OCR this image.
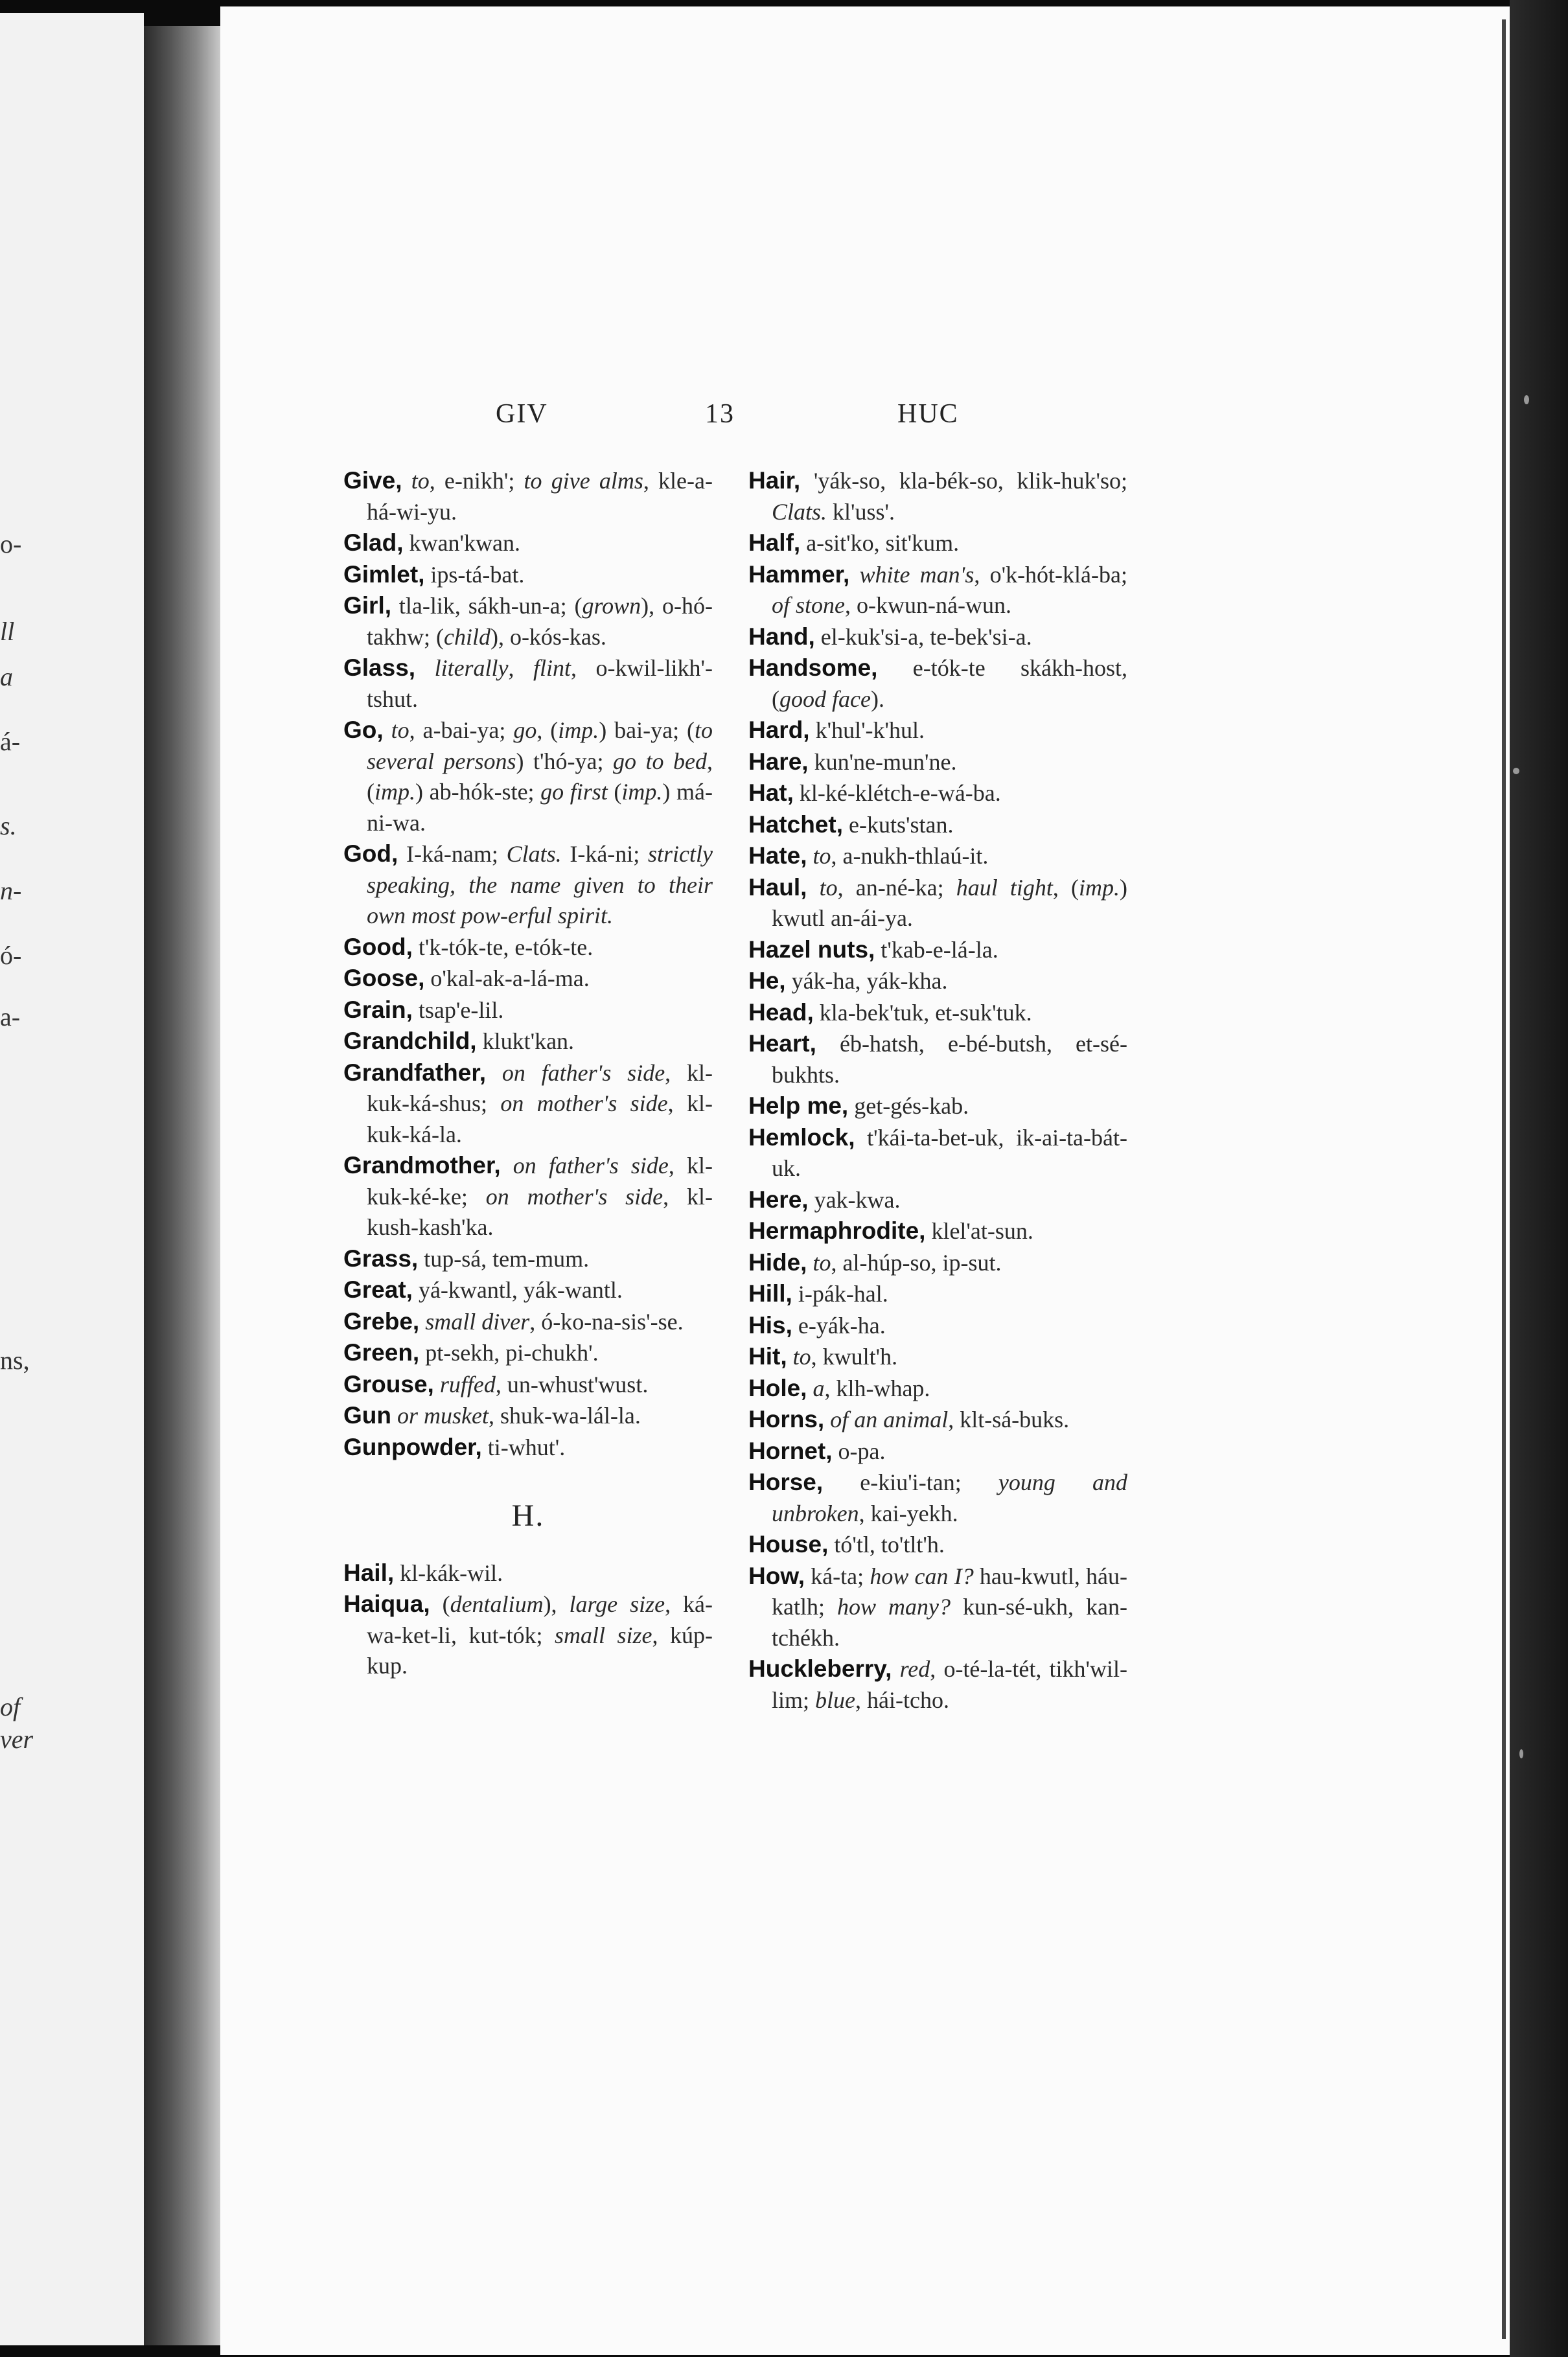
o-
ll
a
á-
s.
n-
ó-
a-
ns,
of
ver
GIV	13	HUC

Give, to, e-nikh'; to give alms, kle-a-há-wi-yu.

Glad, kwan'kwan.

Gimlet, ips-tá-bat.

Girl, tla-lik, sákh-un-a; (grown), o-hó-takhw; (child), o-kós-kas.

Glass, literally, flint, o-kwil-likh'-tshut.

Go, to, a-bai-ya; go, (imp.) bai-ya; (to several persons) t'hó-ya; go to bed, (imp.) ab-hók-ste; go first (imp.) má-ni-wa.

God, I-ká-nam; Clats. I-ká-ni; strictly speaking, the name given to their own most pow-erful spirit.

Good, t'k-tók-te, e-tók-te.

Goose, o'kal-ak-a-lá-ma.

Grain, tsap'e-lil.

Grandchild, klukt'kan.

Grandfather, on father's side, kl-kuk-ká-shus; on mother's side, kl-kuk-ká-la.

Grandmother, on father's side, kl-kuk-ké-ke; on mother's side, kl-kush-kash'ka.

Grass, tup-sá, tem-mum.

Great, yá-kwantl, yák-wantl.

Grebe, small diver, ó-ko-na-sis'-se.

Green, pt-sekh, pi-chukh'.

Grouse, ruffed, un-whust'wust.

Gun or musket, shuk-wa-lál-la.

Gunpowder, ti-whut'.

H.

Hail, kl-kák-wil.

Haiqua, (dentalium), large size, ká-wa-ket-li, kut-tók; small size, kúp-kup.

Hair, 'yák-so, kla-bék-so, klik-huk'so; Clats. kl'uss'.

Half, a-sit'ko, sit'kum.

Hammer, white man's, o'k-hót-klá-ba; of stone, o-kwun-ná-wun.

Hand, el-kuk'si-a, te-bek'si-a.

Handsome, e-tók-te skákh-host, (good face).

Hard, k'hul'-k'hul.

Hare, kun'ne-mun'ne.

Hat, kl-ké-klétch-e-wá-ba.

Hatchet, e-kuts'stan.

Hate, to, a-nukh-thlaú-it.

Haul, to, an-né-ka; haul tight, (imp.) kwutl an-ái-ya.

Hazel nuts, t'kab-e-lá-la.

He, yák-ha, yák-kha.

Head, kla-bek'tuk, et-suk'tuk.

Heart, éb-hatsh, e-bé-butsh, et-sé-bukhts.

Help me, get-gés-kab.

Hemlock, t'kái-ta-bet-uk, ik-ai-ta-bát-uk.

Here, yak-kwa.

Hermaphrodite, klel'at-sun.

Hide, to, al-húp-so, ip-sut.

Hill, i-pák-hal.

His, e-yák-ha.

Hit, to, kwult'h.

Hole, a, klh-whap.

Horns, of an animal, klt-sá-buks.

Hornet, o-pa.

Horse, e-kiu'i-tan; young and unbroken, kai-yekh.

House, tó'tl, to'tlt'h.

How, ká-ta; how can I? hau-kwutl, háu-katlh; how many? kun-sé-ukh, kan-tchékh.

Huckleberry, red, o-té-la-tét, tikh'wil-lim; blue, hái-tcho.
